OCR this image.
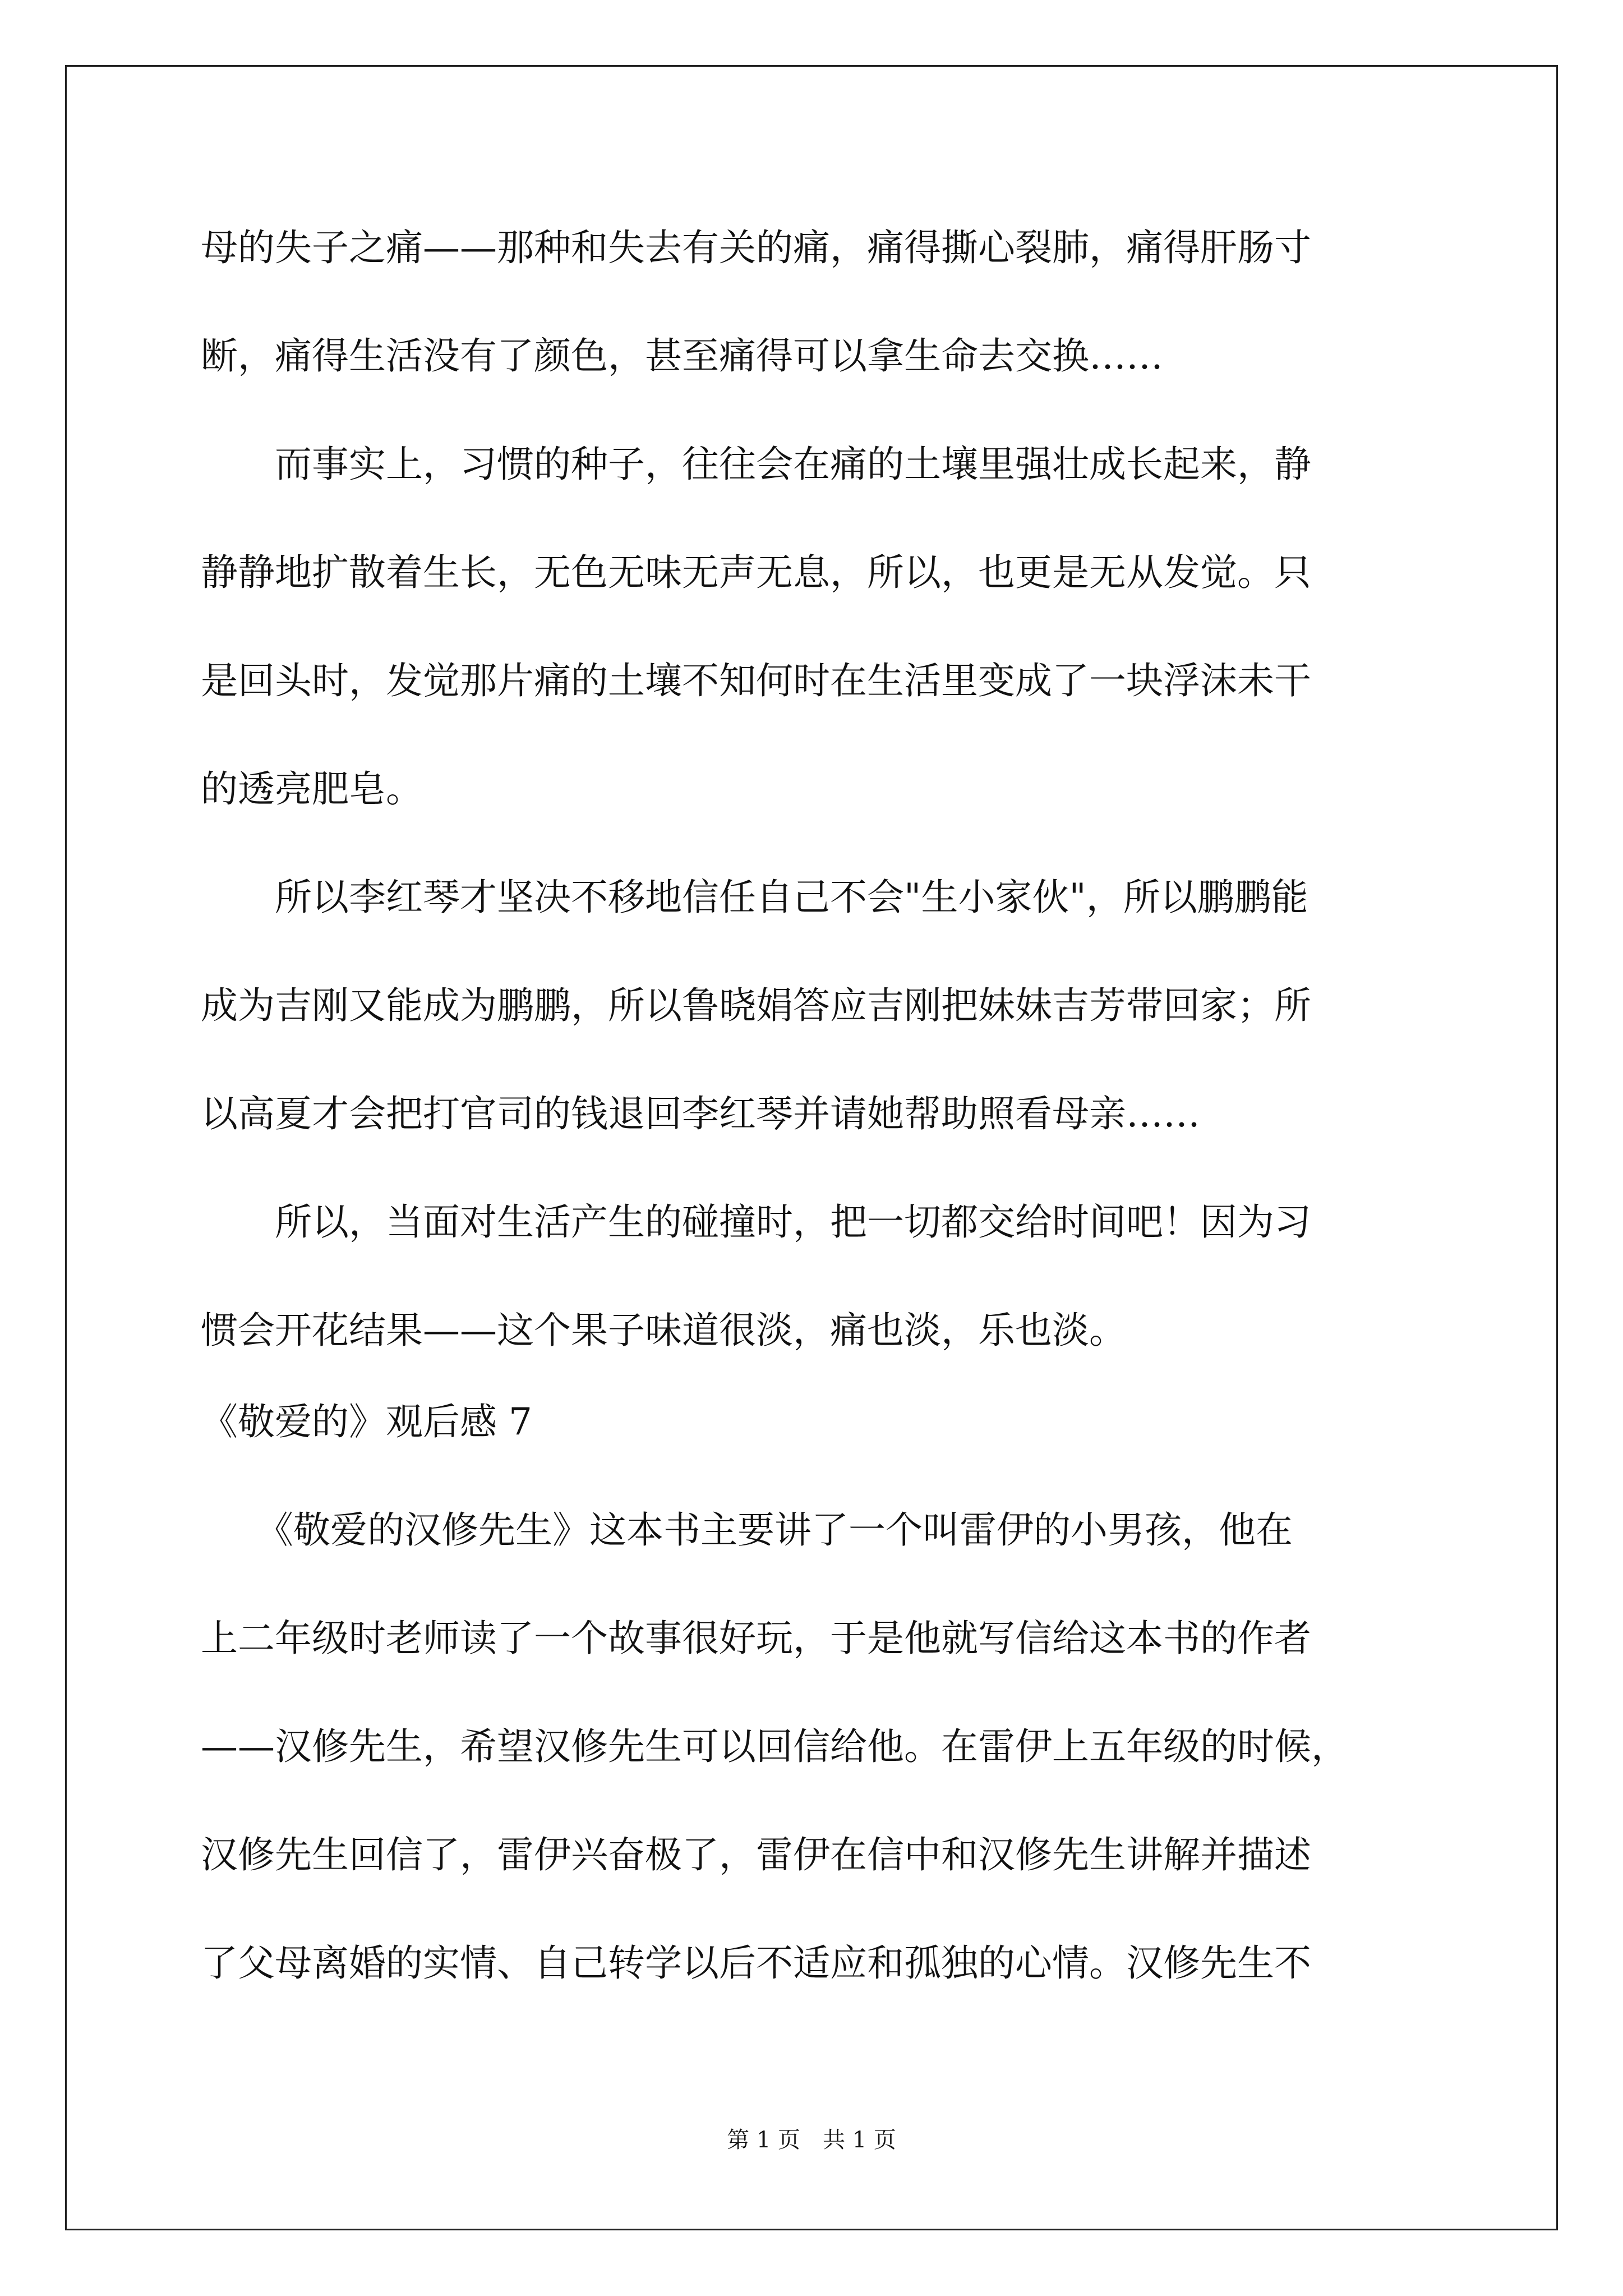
母的失子之痛——那种和失去有关的痛，痛得撕心裂肺，痛得肝肠寸
断，痛得生活没有了颜色，甚至痛得可以拿生命去交换……
　　而事实上，习惯的种子，往往会在痛的土壤里强壮成长起来，静
静静地扩散着生长，无色无味无声无息，所以，也更是无从发觉。只
是回头时，发觉那片痛的土壤不知何时在生活里变成了一块浮沫未干
的透亮肥皂。
　　所以李红琴才坚决不移地信任自己不会"生小家伙"，所以鹏鹏能
成为吉刚又能成为鹏鹏，所以鲁晓娟答应吉刚把妹妹吉芳带回家；所
以高夏才会把打官司的钱退回李红琴并请她帮助照看母亲……
　　所以，当面对生活产生的碰撞时，把一切都交给时间吧！因为习
惯会开花结果——这个果子味道很淡，痛也淡，乐也淡。
《敬爱的》观后感 7
　　《敬爱的汉修先生》这本书主要讲了一个叫雷伊的小男孩，他在
上二年级时老师读了一个故事很好玩，于是他就写信给这本书的作者
——汉修先生，希望汉修先生可以回信给他。在雷伊上五年级的时候，
汉修先生回信了，雷伊兴奋极了，雷伊在信中和汉修先生讲解并描述
了父母离婚的实情、自己转学以后不适应和孤独的心情。汉修先生不
第 1 页　共 1 页
